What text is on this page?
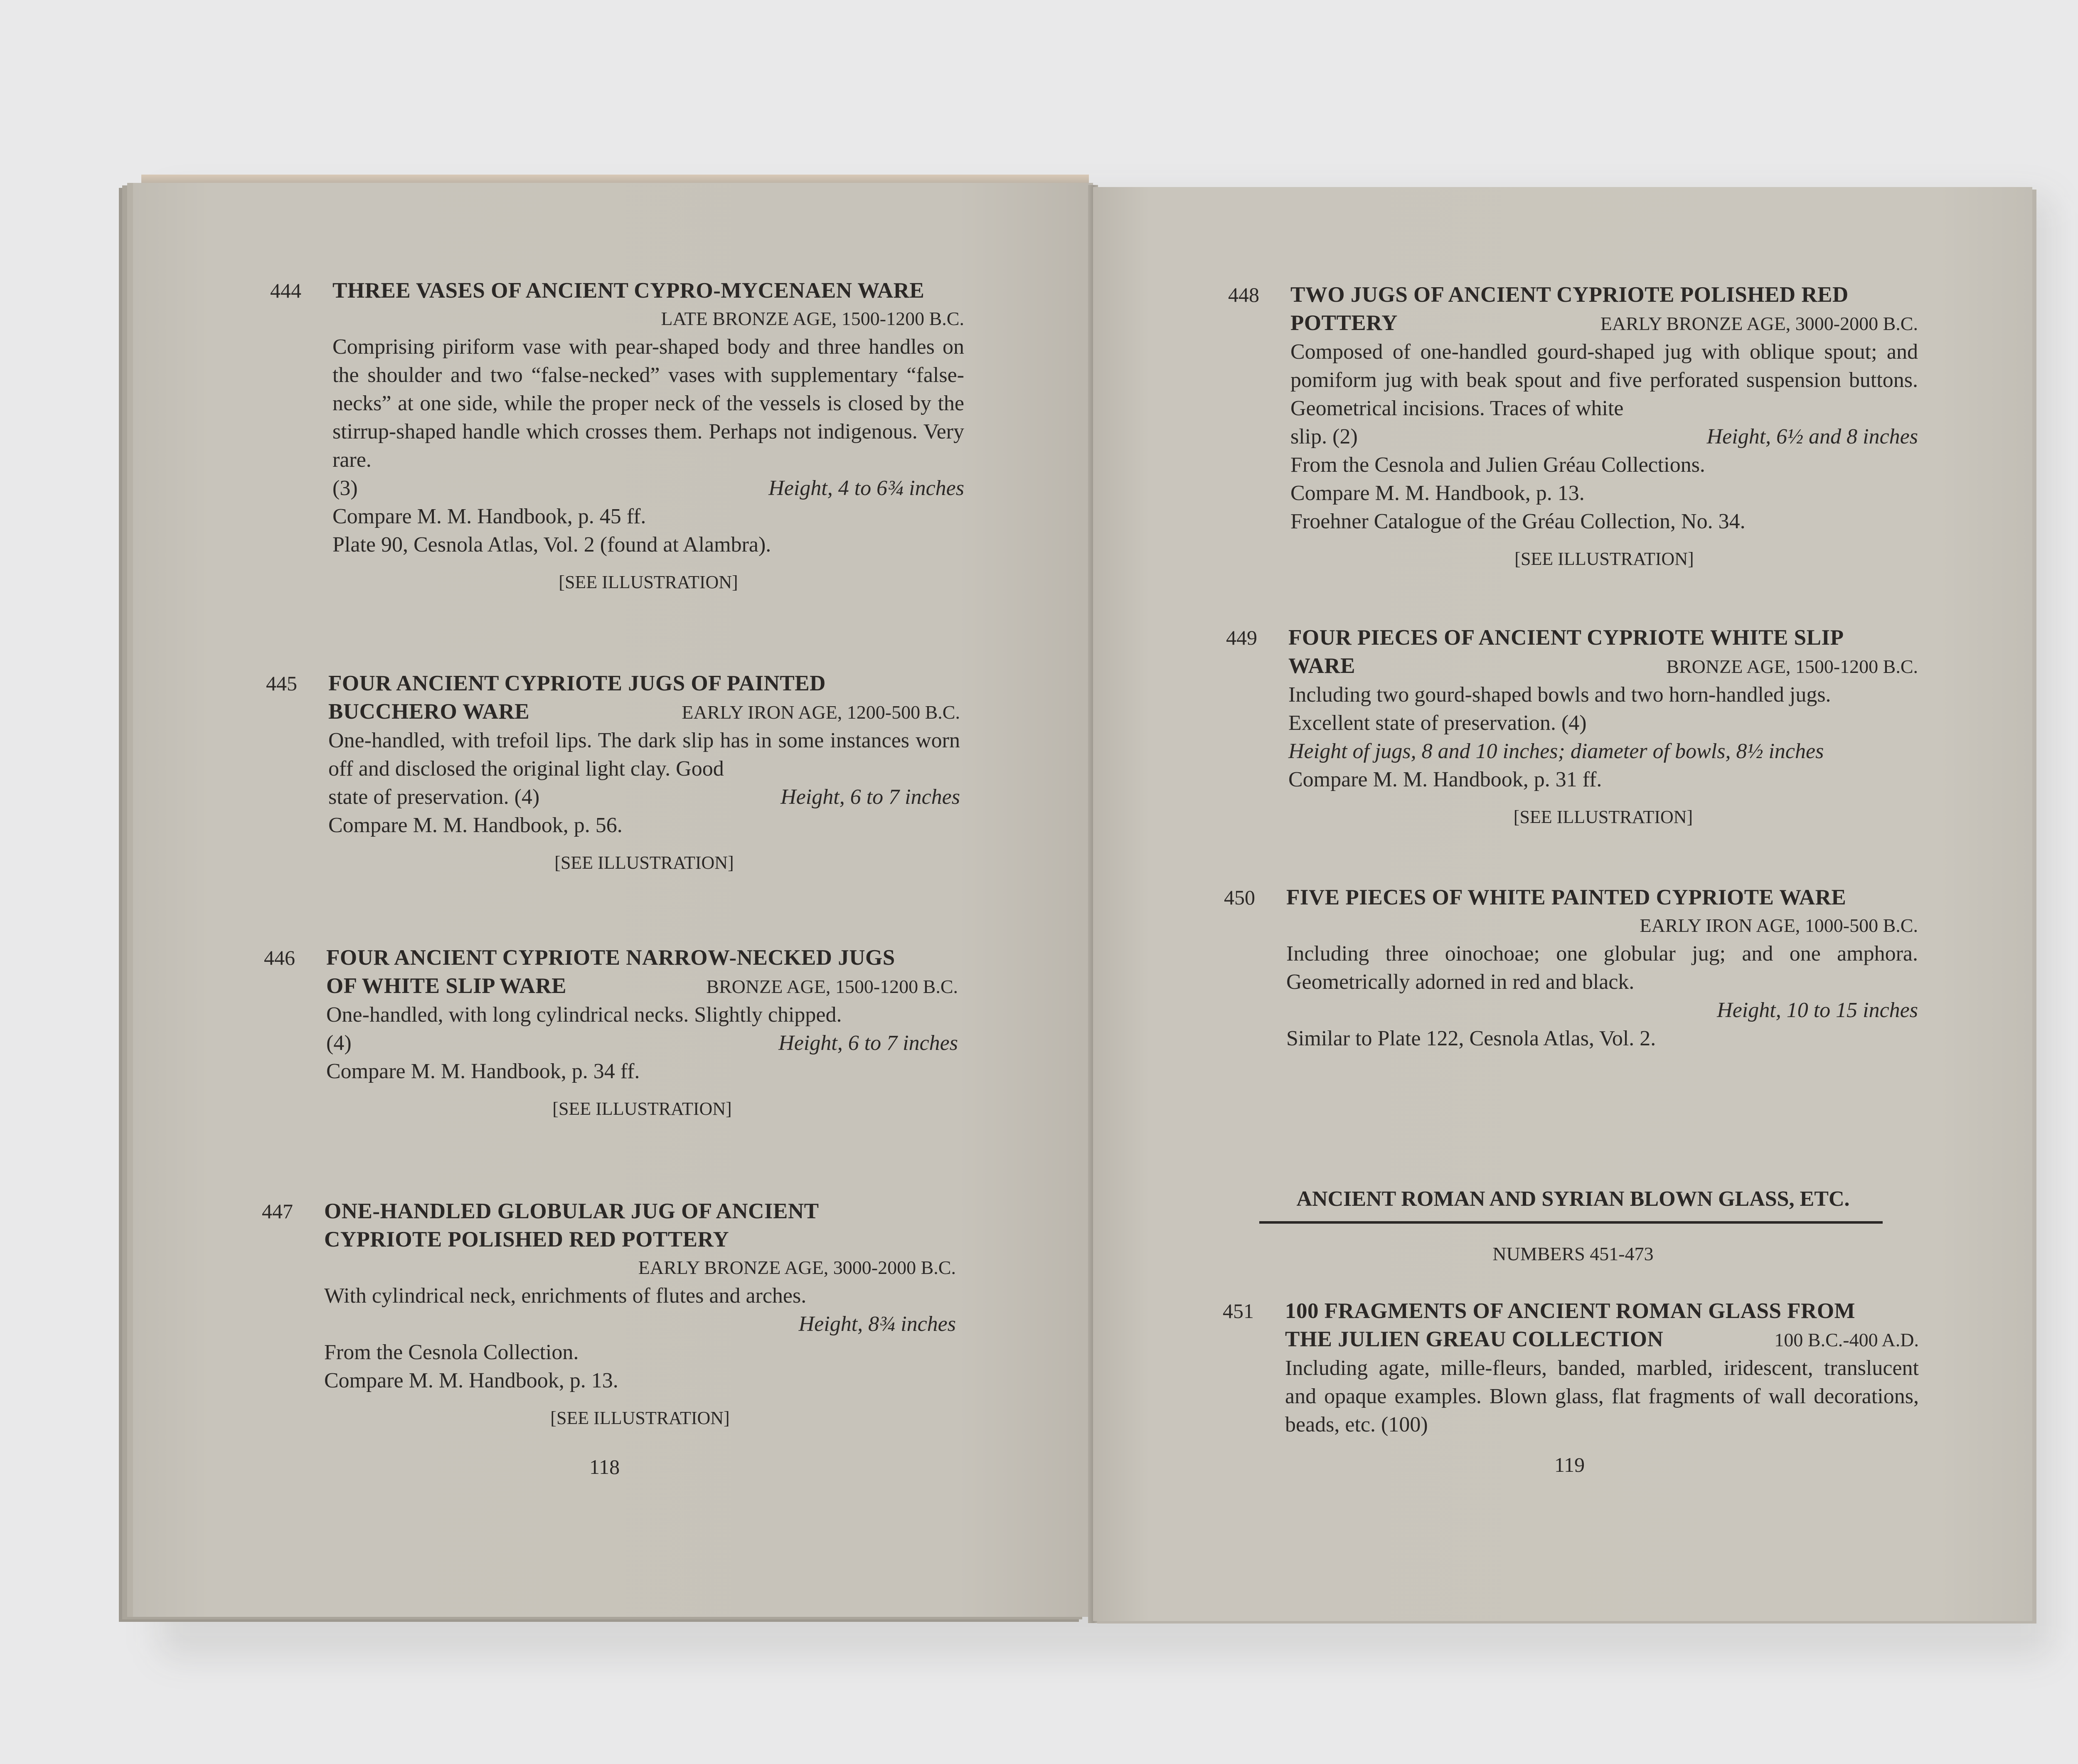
444 THREE VASES OF ANCIENT CYPRO-MYCENAEN WARE
LATE BRONZE AGE, 1500-1200 B.C.

Comprising piriform vase with pear-shaped body and three handles on the shoulder and two “false-necked” vases with supplementary “false-necks” at one side, while the proper neck of the vessels is closed by the stirrup-shaped handle which crosses them. Perhaps not indigenous. Very rare.

(3)	Height, 4 to 6¾ inches

Compare M. M. Handbook, p. 45 ff.

Plate 90, Cesnola Atlas, Vol. 2 (found at Alambra).

[SEE ILLUSTRATION]
445 FOUR ANCIENT CYPRIOTE JUGS OF PAINTED
BUCCHERO WARE	EARLY IRON AGE, 1200-500 B.C.

One-handled, with trefoil lips. The dark slip has in some instances worn off and disclosed the original light clay. Good

state of preservation. (4)	Height, 6 to 7 inches

Compare M. M. Handbook, p. 56.

[SEE ILLUSTRATION]
446 FOUR ANCIENT CYPRIOTE NARROW-NECKED JUGS
OF WHITE SLIP WARE	BRONZE AGE, 1500-1200 B.C.

One-handled, with long cylindrical necks. Slightly chipped.

(4)	Height, 6 to 7 inches

Compare M. M. Handbook, p. 34 ff.

[SEE ILLUSTRATION]
447 ONE-HANDLED GLOBULAR JUG OF ANCIENT
CYPRIOTE POLISHED RED POTTERY
EARLY BRONZE AGE, 3000-2000 B.C.

With cylindrical neck, enrichments of flutes and arches.

Height, 8¾ inches

From the Cesnola Collection.

Compare M. M. Handbook, p. 13.

[SEE ILLUSTRATION]
118
448 TWO JUGS OF ANCIENT CYPRIOTE POLISHED RED
POTTERY	EARLY BRONZE AGE, 3000-2000 B.C.

Composed of one-handled gourd-shaped jug with oblique spout; and pomiform jug with beak spout and five perforated suspension buttons. Geometrical incisions. Traces of white

slip. (2)	Height, 6½ and 8 inches

From the Cesnola and Julien Gréau Collections.

Compare M. M. Handbook, p. 13.

Froehner Catalogue of the Gréau Collection, No. 34.

[SEE ILLUSTRATION]
449 FOUR PIECES OF ANCIENT CYPRIOTE WHITE SLIP
WARE	BRONZE AGE, 1500-1200 B.C.

Including two gourd-shaped bowls and two horn-handled jugs.

Excellent state of preservation. (4)

Height of jugs, 8 and 10 inches; diameter of bowls, 8½ inches

Compare M. M. Handbook, p. 31 ff.

[SEE ILLUSTRATION]
450 FIVE PIECES OF WHITE PAINTED CYPRIOTE WARE
EARLY IRON AGE, 1000-500 B.C.

Including three oinochoae; one globular jug; and one amphora. Geometrically adorned in red and black.

Height, 10 to 15 inches

Similar to Plate 122, Cesnola Atlas, Vol. 2.

ANCIENT ROMAN AND SYRIAN BLOWN GLASS, ETC.
NUMBERS 451-473
451 100 FRAGMENTS OF ANCIENT ROMAN GLASS FROM
THE JULIEN GREAU COLLECTION	100 B.C.-400 A.D.

Including agate, mille-fleurs, banded, marbled, iridescent, translucent and opaque examples. Blown glass, flat fragments of wall decorations, beads, etc. (100)

119
